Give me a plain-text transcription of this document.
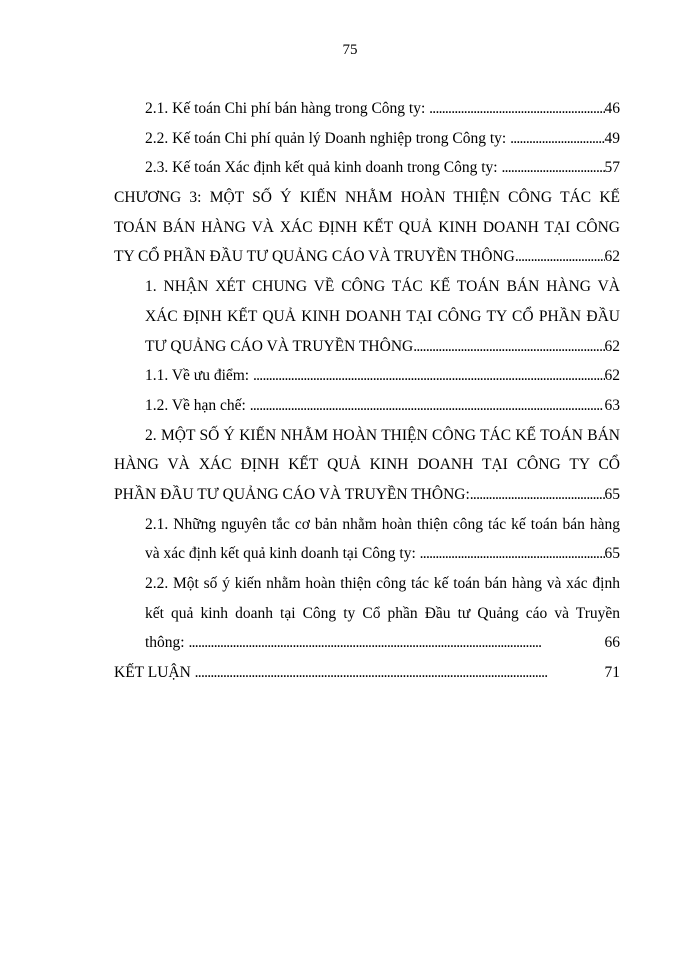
75
2.1. Kế toán Chi phí bán hàng trong Công ty: . . .	46
2.2. Kế toán Chi phí quản lý Doanh nghiệp trong Công ty: . . .	49
2.3. Kế toán Xác định kết quả kinh doanh trong Công ty: . . .	57
CHƯƠNG 3: MỘT SỐ Ý KIẾN NHẰM HOÀN THIỆN CÔNG TÁC KẾ
TOÁN BÁN HÀNG VÀ XÁC ĐỊNH KẾT QUẢ KINH DOANH TẠI CÔNG
TY CỔ PHẦN ĐẦU TƯ QUẢNG CÁO VÀ TRUYỀN THÔNG . . .	62
1. NHẬN XÉT CHUNG VỀ CÔNG TÁC KẾ TOÁN BÁN HÀNG VÀ
XÁC ĐỊNH KẾT QUẢ KINH DOANH TẠI CÔNG TY CỔ PHẦN ĐẦU
TƯ QUẢNG CÁO VÀ TRUYỀN THÔNG . . .	62
1.1. Về ưu điểm: . . .	62
1.2. Về hạn chế: . . .	63
2. MỘT SỐ Ý KIẾN NHẰM HOÀN THIỆN CÔNG TÁC KẾ TOÁN BÁN
HÀNG VÀ XÁC ĐỊNH KẾT QUẢ KINH DOANH TẠI CÔNG TY CỔ
PHẦN ĐẦU TƯ QUẢNG CÁO VÀ TRUYỀN THÔNG: . . .	65
2.1. Những nguyên tắc cơ bản nhằm hoàn thiện công tác kế toán bán hàng
và xác định kết quả kinh doanh tại Công ty: . . .	65
2.2. Một số ý kiến nhằm hoàn thiện công tác kế toán bán hàng và xác định
kết quả kinh doanh tại Công ty Cổ phần Đầu tư Quảng cáo và Truyền
thông: . . .	66
KẾT LUẬN . . .	71
